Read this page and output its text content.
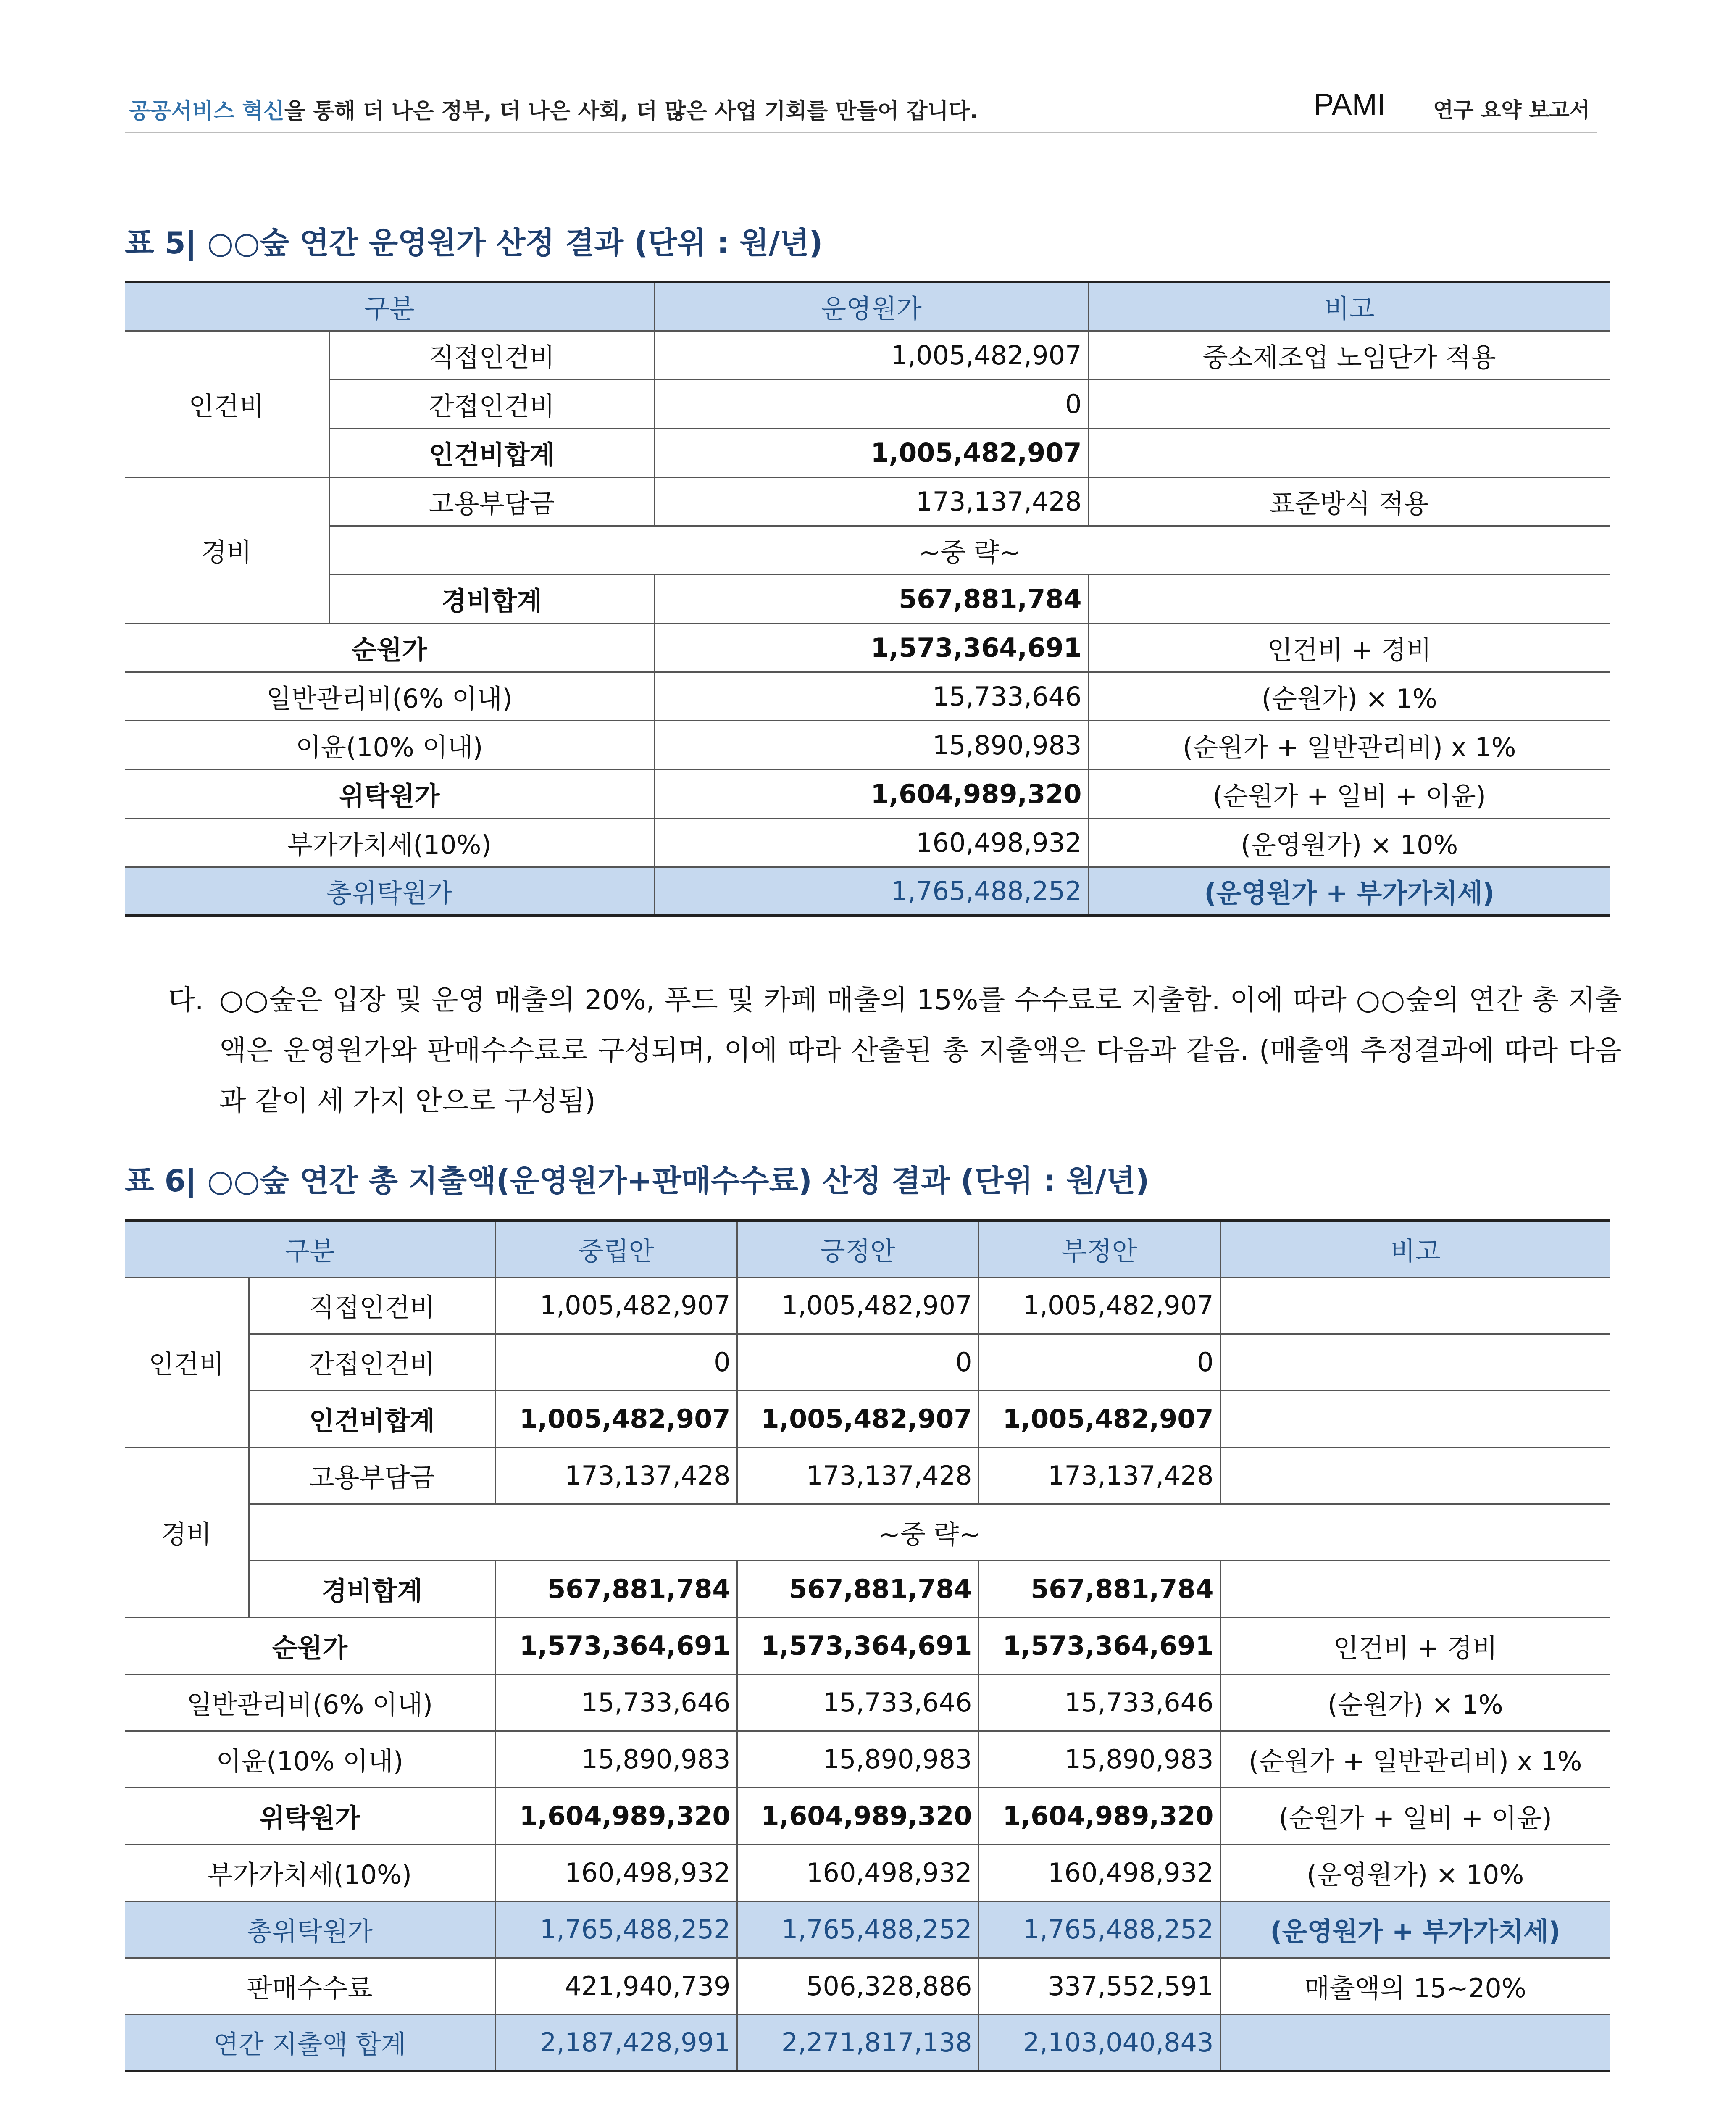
공공서비스 혁신을 통해 더 나은 정부, 더 나은 사회, 더 많은 사업 기회를 만들어 갑니다.	PAMI 연구 요약 보고서
표 5| ○○숲 연간 운영원가 산정 결과 (단위 : 원/년)
구분		운영원가	비고
인건비	직접인건비	1,005,482,907	중소제조업 노임단가 적용
	간접인건비	0	
	인건비합계	1,005,482,907	
경비	고용부담금	173,137,428	표준방식 적용
	~중 략~		
	경비합계	567,881,784	
순원가		1,573,364,691	인건비 + 경비
일반관리비(6% 이내)		15,733,646	(순원가) × 1%
이윤(10% 이내)		15,890,983	(순원가 + 일반관리비) x 1%
위탁원가		1,604,989,320	(순원가 + 일비 + 이윤)
부가가치세(10%)		160,498,932	(운영원가) × 10%
총위탁원가		1,765,488,252	(운영원가 + 부가가치세)
다. ○○숲은 입장 및 운영 매출의 20%, 푸드 및 카페 매출의 15%를 수수료로 지출함. 이에 따라 ○○숲의 연간 총 지출액은 운영원가와 판매수수료로 구성되며, 이에 따라 산출된 총 지출액은 다음과 같음. (매출액 추정결과에 따라 다음과 같이 세 가지 안으로 구성됨)
표 6| ○○숲 연간 총 지출액(운영원가+판매수수료) 산정 결과 (단위 : 원/년)
구분		중립안	긍정안	부정안	비고
인건비	직접인건비	1,005,482,907	1,005,482,907	1,005,482,907	
	간접인건비	0	0	0	
	인건비합계	1,005,482,907	1,005,482,907	1,005,482,907	
경비	고용부담금	173,137,428	173,137,428	173,137,428	
	~중 략~				
	경비합계	567,881,784	567,881,784	567,881,784	
순원가		1,573,364,691	1,573,364,691	1,573,364,691	인건비 + 경비
일반관리비(6% 이내)		15,733,646	15,733,646	15,733,646	(순원가) × 1%
이윤(10% 이내)		15,890,983	15,890,983	15,890,983	(순원가 + 일반관리비) x 1%
위탁원가		1,604,989,320	1,604,989,320	1,604,989,320	(순원가 + 일비 + 이윤)
부가가치세(10%)		160,498,932	160,498,932	160,498,932	(운영원가) × 10%
총위탁원가		1,765,488,252	1,765,488,252	1,765,488,252	(운영원가 + 부가가치세)
판매수수료		421,940,739	506,328,886	337,552,591	매출액의 15~20%
연간 지출액 합계		2,187,428,991	2,271,817,138	2,103,040,843	
